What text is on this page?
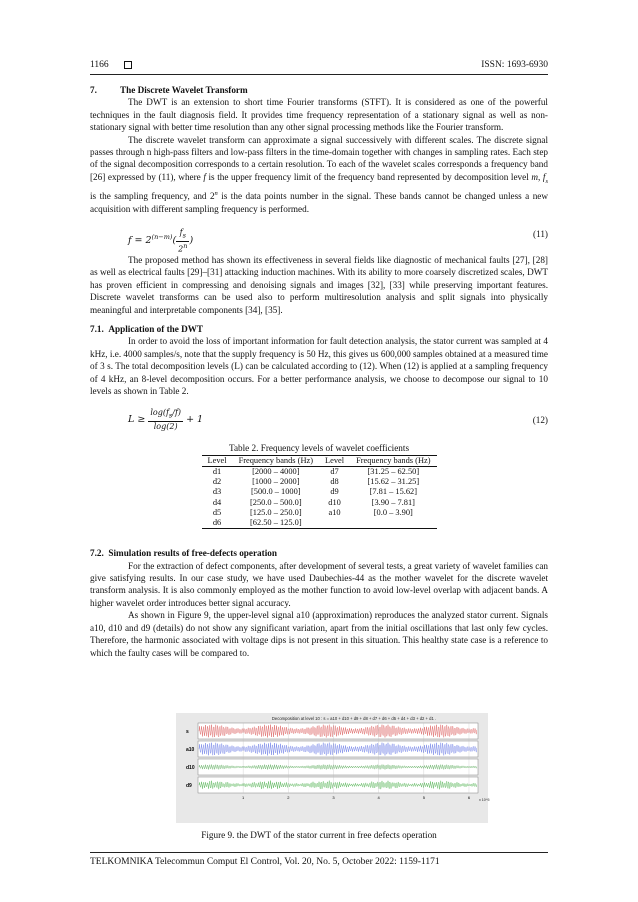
1166	ISSN: 1693-6930
7.	The Discrete Wavelet Transform

The DWT is an extension to short time Fourier transforms (STFT). It is considered as one of the powerful techniques in the fault diagnosis field. It provides time frequency representation of a stationary signal as well as non-stationary signal with better time resolution than any other signal processing methods like the Fourier transform.

The discrete wavelet transform can approximate a signal successively with different scales. The discrete signal passes through n high-pass filters and low-pass filters in the time-domain together with changes in sampling rates. Each step of the signal decomposition corresponds to a certain resolution. To each of the wavelet scales corresponds a frequency band [26] expressed by (11), where f is the upper frequency limit of the frequency band represented by decomposition level m, $f_s$ is the sampling frequency, and 2$^n$ is the data points number in the signal. These bands cannot be changed unless a new acquisition with different sampling frequency is performed.

$f = 2^{(n-m)}( \frac{f_s}{2^n}$ )
(11)

The proposed method has shown its effectiveness in several fields like diagnostic of mechanical faults [27], [28] as well as electrical faults [29]–[31] attacking induction machines. With its ability to more coarsely discretized scales, DWT has proven efficient in compressing and denoising signals and images [32], [33] while preserving important features. Discrete wavelet transforms can be used also to perform multiresolution analysis and split signals into physically meaningful and interpretable components [34], [35].

7.1. Application of the DWT

In order to avoid the loss of important information for fault detection analysis, the stator current was sampled at 4 kHz, i.e. 4000 samples/s, note that the supply frequency is 50 Hz, this gives us 600,000 samples obtained at a measured time of 3 s. The total decomposition levels (L) can be calculated according to (12). When (12) is applied at a sampling frequency of 4 kHz, an 8-level decomposition occurs. For a better performance analysis, we choose to decompose our signal to 10 levels as shown in Table 2.

$L \ge \frac{\log(f_s/f)}{\log(2)} + 1$	(12)
Table 2. Frequency levels of wavelet coefficients
Level	Frequency bands (Hz)	Level	Frequency bands (Hz)
d1	[2000 – 4000]	d7	[31.25 – 62.50]
d2	[1000 – 2000]	d8	[15.62 – 31.25]
d3	[500.0 – 1000]	d9	[7.81 – 15.62]
d4	[250.0 – 500.0]	d10	[3.90 – 7.81]
d5	[125.0 – 250.0]	a10	[0.0 – 3.90]
d6	[62.50 – 125.0]		
7.2. Simulation results of free-defects operation

For the extraction of defect components, after development of several tests, a great variety of wavelet families can give satisfying results. In our case study, we have used Daubechies-44 as the mother wavelet for the discrete wavelet transform analysis. It is also commonly employed as the mother function to avoid low-level overlap with adjacent bands. A higher wavelet order introduces better signal accuracy.

As shown in Figure 9, the upper-level signal a10 (approximation) reproduces the analyzed stator current. Signals a10, d10 and d9 (details) do not show any significant variation, apart from the initial oscillations that last only few cycles. Therefore, the harmonic associated with voltage dips is not present in this situation. This healthy state case is a reference to which the faulty cases will be compared to.

Decomposition at level 10 : s = a10 + d10 + d9 + d8 + d7 + d6 + d5 + d4 + d3 + d2 + d1 .
s
a10
d10
d9
1	2	3	4	5	6 x 10^5
Figure 9. the DWT of the stator current in free defects operation
TELKOMNIKA Telecommun Comput El Control, Vol. 20, No. 5, October 2022: 1159-1171
